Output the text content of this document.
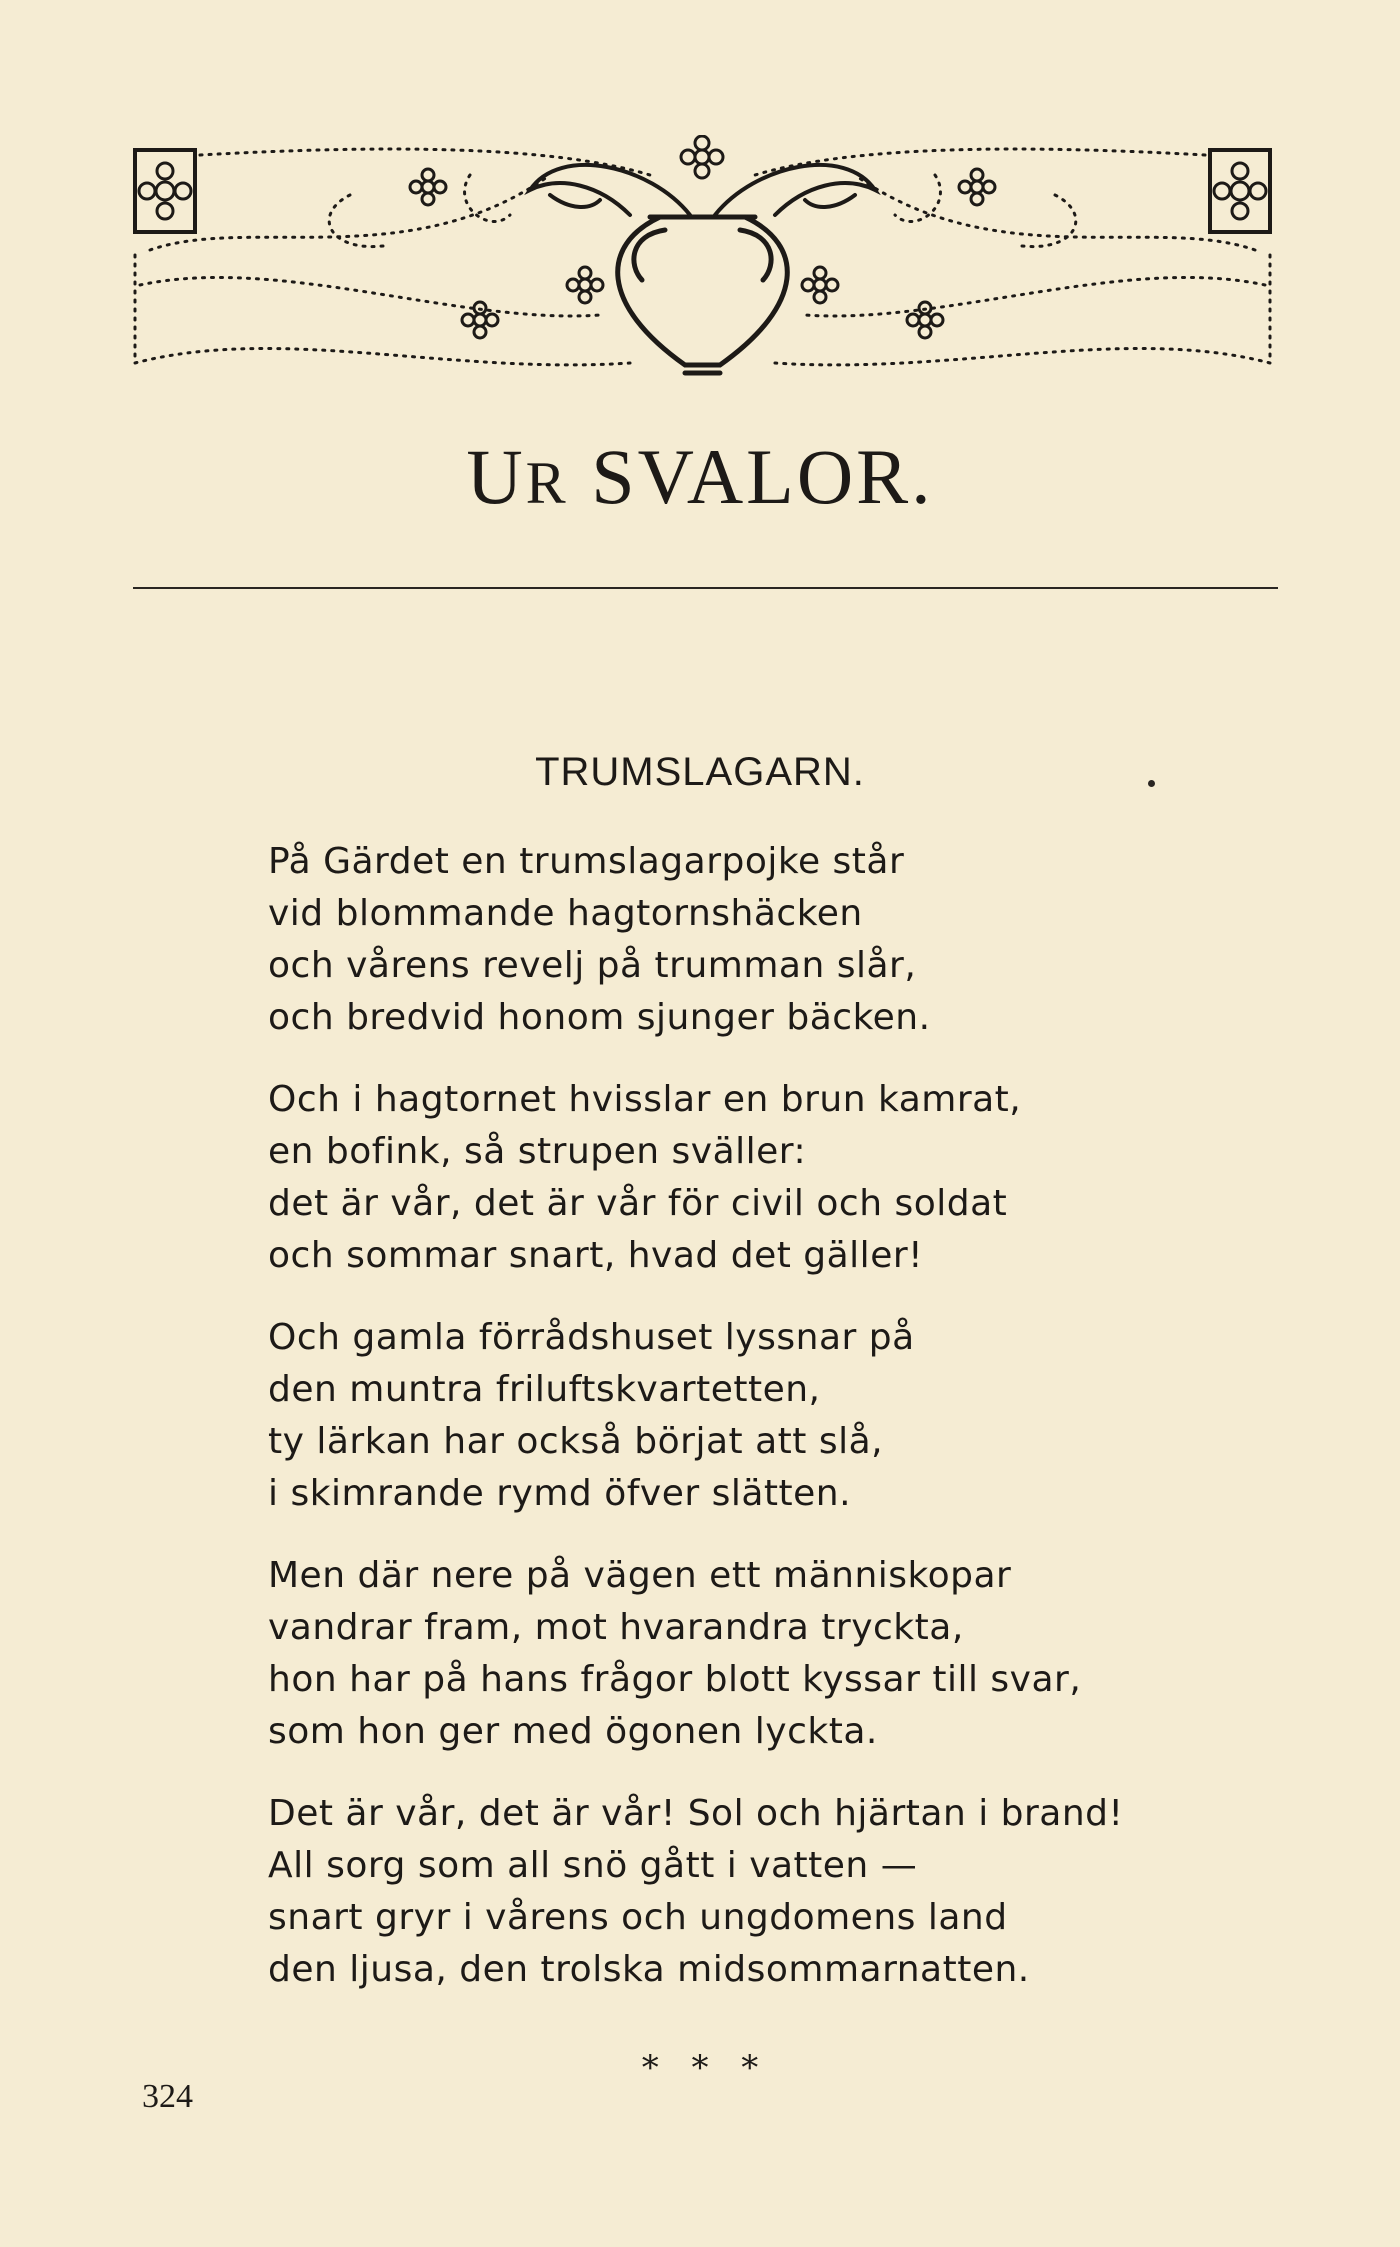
UR SVALOR.
TRUMSLAGARN.
På Gärdet en trumslagarpojke står
vid blommande hagtornshäcken
och vårens revelj på trumman slår,
och bredvid honom sjunger bäcken.
Och i hagtornet hvisslar en brun kamrat,
en bofink, så strupen sväller:
det är vår, det är vår för civil och soldat
och sommar snart, hvad det gäller!
Och gamla förrådshuset lyssnar på
den muntra friluftskvartetten,
ty lärkan har också börjat att slå,
i skimrande rymd öfver slätten.
Men där nere på vägen ett människopar
vandrar fram, mot hvarandra tryckta,
hon har på hans frågor blott kyssar till svar,
som hon ger med ögonen lyckta.
Det är vår, det är vår! Sol och hjärtan i brand!
All sorg som all snö gått i vatten —
snart gryr i vårens och ungdomens land
den ljusa, den trolska midsommarnatten.
* * *
324
